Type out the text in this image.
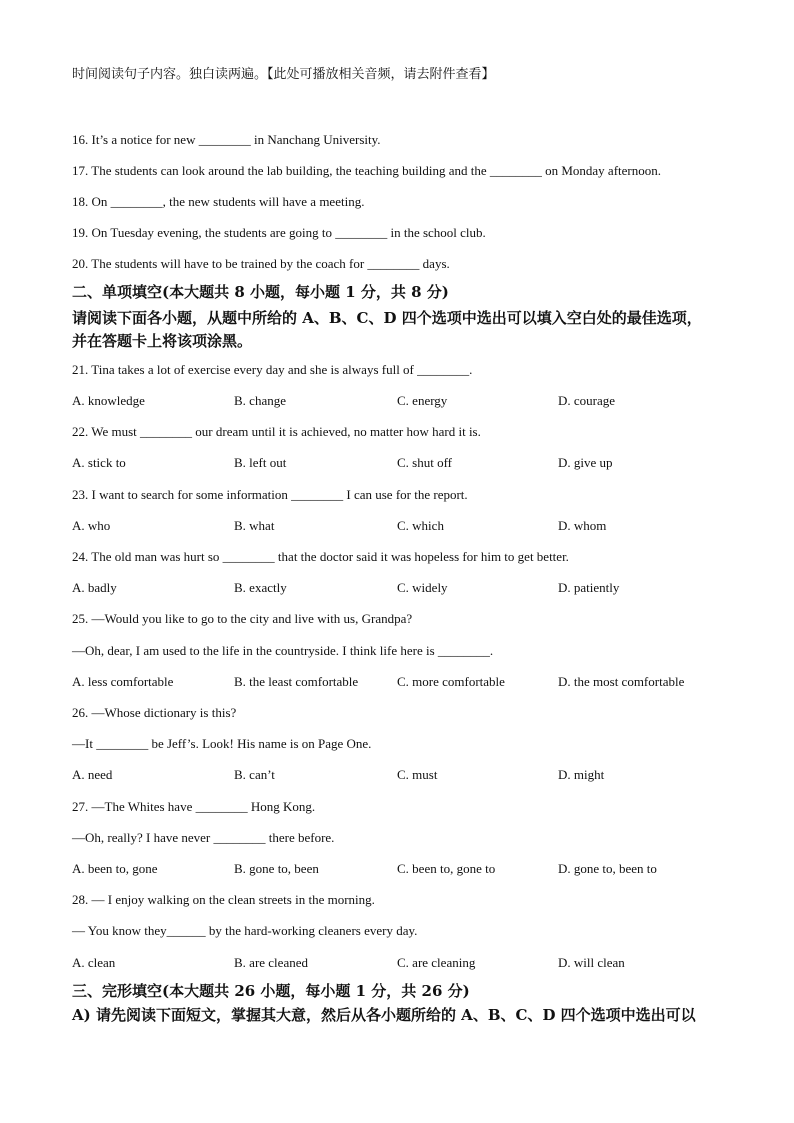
时间阅读句子内容。独白读两遍。【此处可播放相关音频，请去附件查看】
16. It’s a notice for new ________ in Nanchang University.
17. The students can look around the lab building, the teaching building and the ________ on Monday afternoon.
18. On ________, the new students will have a meeting.
19. On Tuesday evening, the students are going to ________ in the school club.
20. The students will have to be trained by the coach for ________ days.
二、单项填空(本大题共 8 小题，每小题 1 分，共 8 分)
请阅读下面各小题，从题中所给的 A、B、C、D 四个选项中选出可以填入空白处的最佳选项，
并在答题卡上将该项涂黑。
21. Tina takes a lot of exercise every day and she is always full of ________.
A. knowledge	B. change	C. energy	D. courage
22. We must ________ our dream until it is achieved, no matter how hard it is.
A. stick to	B. left out	C. shut off	D. give up
23. I want to search for some information ________ I can use for the report.
A. who	B. what	C. which	D. whom
24. The old man was hurt so ________ that the doctor said it was hopeless for him to get better.
A. badly	B. exactly	C. widely	D. patiently
25. —Would you like to go to the city and live with us, Grandpa?
—Oh, dear, I am used to the life in the countryside. I think life here is ________.
A. less comfortable	B. the least comfortable	C. more comfortable	D. the most comfortable
26. —Whose dictionary is this?
—It ________ be Jeff’s. Look! His name is on Page One.
A. need	B. can’t	C. must	D. might
27. —The Whites have ________ Hong Kong.
—Oh, really? I have never ________ there before.
A. been to, gone	B. gone to, been	C. been to, gone to	D. gone to, been to
28. — I enjoy walking on the clean streets in the morning.
— You know they______ by the hard-working cleaners every day.
A. clean	B. are cleaned	C. are cleaning	D. will clean
三、完形填空(本大题共 26 小题，每小题 1 分，共 26 分)
A) 请先阅读下面短文，掌握其大意，然后从各小题所给的 A、B、C、D 四个选项中选出可以
